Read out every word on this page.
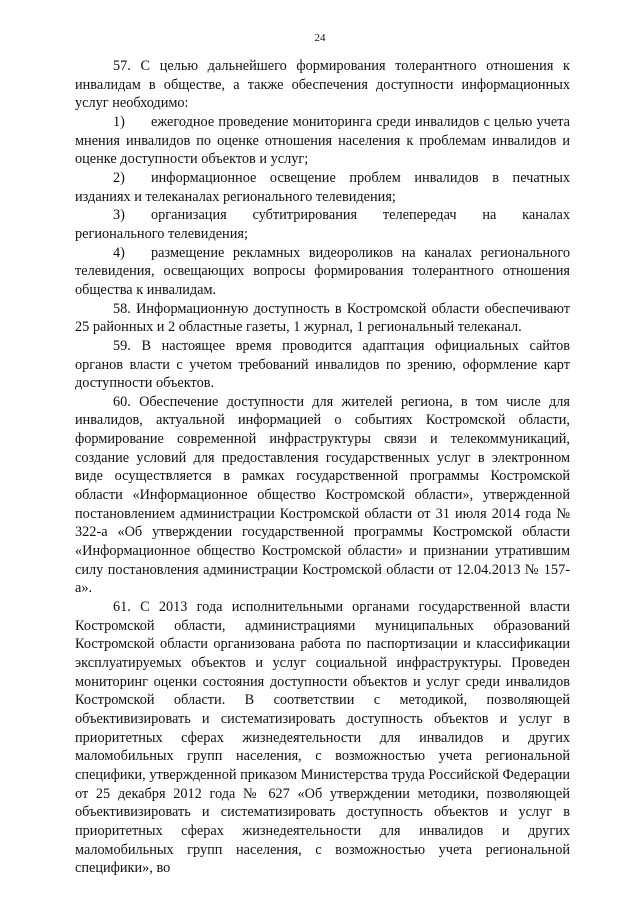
24

57. С целью дальнейшего формирования толерантного отношения к инвалидам в обществе, а также обеспечения доступности информационных услуг необходимо:

1) ежегодное проведение мониторинга среди инвалидов с целью учета мнения инвалидов по оценке отношения населения к проблемам инвалидов и оценке доступности объектов и услуг;

2) информационное освещение проблем инвалидов в печатных изданиях и телеканалах регионального телевидения;

3) организация субтитрирования телепередач на каналах регионального телевидения;

4) размещение рекламных видеороликов на каналах регионального телевидения, освещающих вопросы формирования толерантного отношения общества к инвалидам.

58. Информационную доступность в Костромской области обеспечивают 25 районных и 2 областные газеты, 1 журнал, 1 региональный телеканал.

59. В настоящее время проводится адаптация официальных сайтов органов власти с учетом требований инвалидов по зрению, оформление карт доступности объектов.

60. Обеспечение доступности для жителей региона, в том числе для инвалидов, актуальной информацией о событиях Костромской области, формирование современной инфраструктуры связи и телекоммуникаций, создание условий для предоставления государственных услуг в электронном виде осуществляется в рамках государственной программы Костромской области «Информационное общество Костромской области», утвержденной постановлением администрации Костромской области от 31 июля 2014 года № 322-а «Об утверждении государственной программы Костромской области «Информационное общество Костромской области» и признании утратившим силу постановления администрации Костромской области от 12.04.2013 № 157-а».

61. С 2013 года исполнительными органами государственной власти Костромской области, администрациями муниципальных образований Костромской области организована работа по паспортизации и классификации эксплуатируемых объектов и услуг социальной инфраструктуры. Проведен мониторинг оценки состояния доступности объектов и услуг среди инвалидов Костромской области. В соответствии с методикой, позволяющей объективизировать и систематизировать доступность объектов и услуг в приоритетных сферах жизнедеятельности для инвалидов и других маломобильных групп населения, с возможностью учета региональной специфики, утвержденной приказом Министерства труда Российской Федерации от 25 декабря 2012 года № 627 «Об утверждении методики, позволяющей объективизировать и систематизировать доступность объектов и услуг в приоритетных сферах жизнедеятельности для инвалидов и других маломобильных групп населения, с возможностью учета региональной специфики», во
